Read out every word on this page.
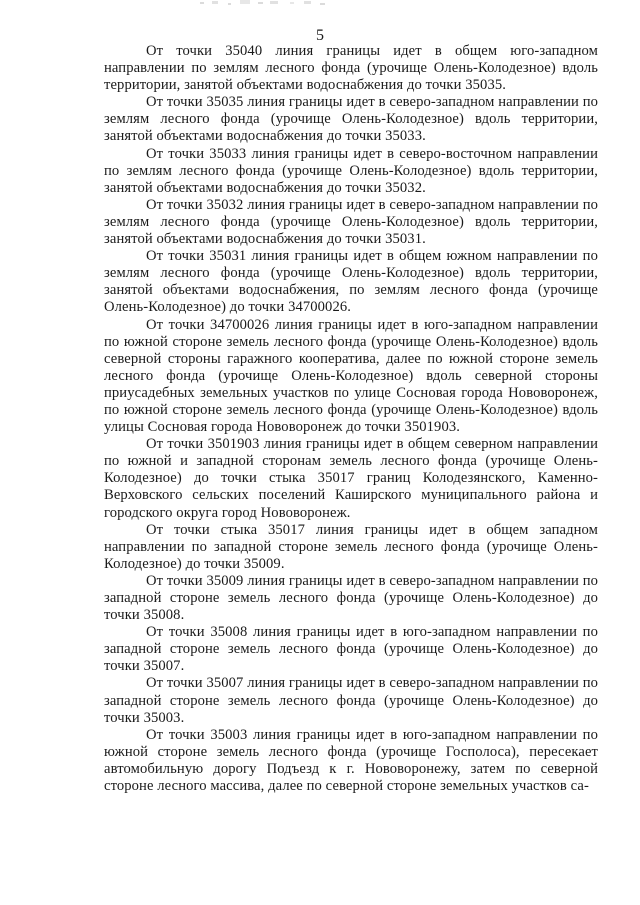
5

От точки 35040 линия границы идет в общем юго-западном направлении по землям лесного фонда (урочище Олень-Колодезное) вдоль территории, занятой объектами водоснабжения до точки 35035.

От точки 35035 линия границы идет в северо-западном направлении по землям лесного фонда (урочище Олень-Колодезное) вдоль территории, занятой объектами водоснабжения до точки 35033.

От точки 35033 линия границы идет в северо-восточном направлении по землям лесного фонда (урочище Олень-Колодезное) вдоль территории, занятой объектами водоснабжения до точки 35032.

От точки 35032 линия границы идет в северо-западном направлении по землям лесного фонда (урочище Олень-Колодезное) вдоль территории, занятой объектами водоснабжения до точки 35031.

От точки 35031 линия границы идет в общем южном направлении по землям лесного фонда (урочище Олень-Колодезное) вдоль территории, занятой объектами водоснабжения, по землям лесного фонда (урочище Олень-Колодезное) до точки 34700026.

От точки 34700026 линия границы идет в юго-западном направлении по южной стороне земель лесного фонда (урочище Олень-Колодезное) вдоль северной стороны гаражного кооператива, далее по южной стороне земель лесного фонда (урочище Олень-Колодезное) вдоль северной стороны приусадебных земельных участков по улице Сосновая города Нововоронеж, по южной стороне земель лесного фонда (урочище Олень-Колодезное) вдоль улицы Сосновая города Нововоронеж до точки 3501903.

От точки 3501903 линия границы идет в общем северном направлении по южной и западной сторонам земель лесного фонда (урочище Олень-Колодезное) до точки стыка 35017 границ Колодезянского, Каменно-Верховского сельских поселений Каширского муниципального района и городского округа город Нововоронеж.

От точки стыка 35017 линия границы идет в общем западном направлении по западной стороне земель лесного фонда (урочище Олень-Колодезное) до точки 35009.

От точки 35009 линия границы идет в северо-западном направлении по западной стороне земель лесного фонда (урочище Олень-Колодезное) до точки 35008.

От точки 35008 линия границы идет в юго-западном направлении по западной стороне земель лесного фонда (урочище Олень-Колодезное) до точки 35007.

От точки 35007 линия границы идет в северо-западном направлении по западной стороне земель лесного фонда (урочище Олень-Колодезное) до точки 35003.

От точки 35003 линия границы идет в юго-западном направлении по южной стороне земель лесного фонда (урочище Госполоса), пересекает автомобильную дорогу Подъезд к г. Нововоронежу, затем по северной стороне лесного массива, далее по северной стороне земельных участков са-
